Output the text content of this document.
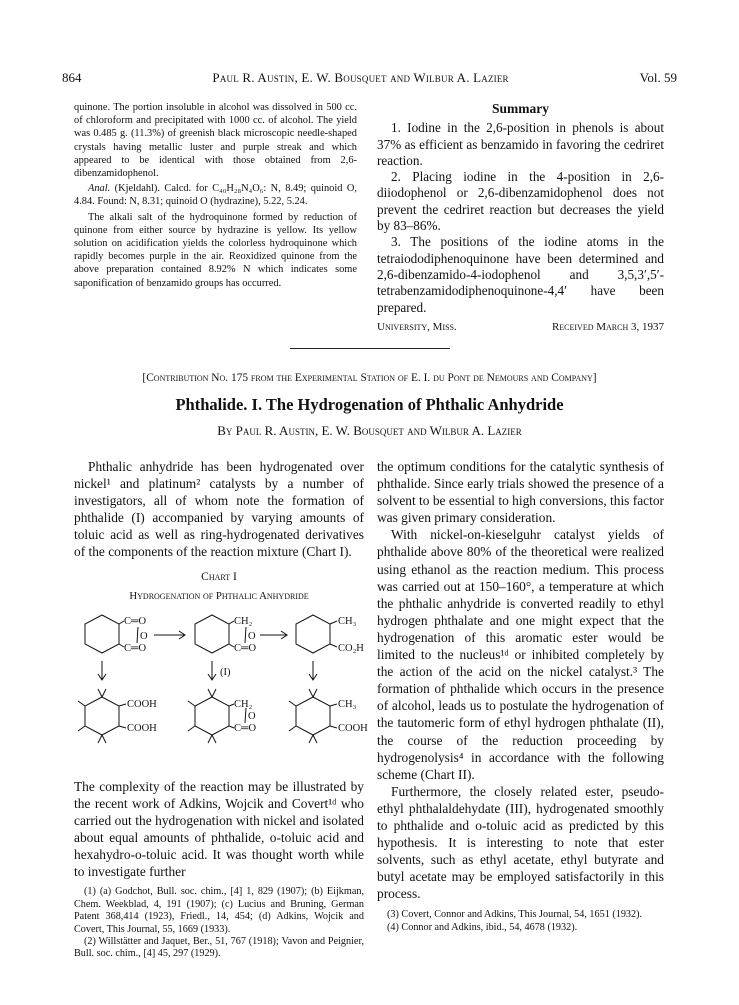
864	Paul R. Austin, E. W. Bousquet and Wilbur A. Lazier	Vol. 59

quinone. The portion insoluble in alcohol was dissolved in 500 cc. of chloroform and precipitated with 1000 cc. of alcohol. The yield was 0.485 g. (11.3%) of greenish black microscopic needle-shaped crystals having metallic luster and purple streak and which appeared to be identical with those obtained from 2,6-dibenzamidophenol.

Anal. (Kjeldahl). Calcd. for C₄₀H₂₈N₄O₆: N, 8.49; quinoid O, 4.84. Found: N, 8.31; quinoid O (hydrazine), 5.22, 5.24.

The alkali salt of the hydroquinone formed by reduction of quinone from either source by hydrazine is yellow. Its yellow solution on acidification yields the colorless hydroquinone which rapidly becomes purple in the air. Reoxidized quinone from the above preparation contained 8.92% N which indicates some saponification of benzamido groups has occurred.

Summary

1. Iodine in the 2,6-position in phenols is about 37% as efficient as benzamido in favoring the cedriret reaction.

2. Placing iodine in the 4-position in 2,6-diiodophenol or 2,6-dibenzamidophenol does not prevent the cedriret reaction but decreases the yield by 83–86%.

3. The positions of the iodine atoms in the tetraiododiphenoquinone have been determined and 2,6-dibenzamido-4-iodophenol and 3,5,3′,5′-tetrabenzamidodiphenoquinone-4,4′ have been prepared.

University, Miss.	Received March 3, 1937
[Contribution No. 175 from the Experimental Station of E. I. du Pont de Nemours and Company]
Phthalide. I. The Hydrogenation of Phthalic Anhydride
By Paul R. Austin, E. W. Bousquet and Wilbur A. Lazier

Phthalic anhydride has been hydrogenated over nickel¹ and platinum² catalysts by a number of investigators, all of whom note the formation of phthalide (I) accompanied by varying amounts of toluic acid as well as ring-hydrogenated derivatives of the components of the reaction mixture (Chart I).

Chart I
Hydrogenation of Phthalic Anhydride
C═O
O
C═O
CH₂
O
C═O
CH₃
CO₂H
(I)
COOH
COOH
CH₂
O
C═O
CH₃
COOH

The complexity of the reaction may be illustrated by the recent work of Adkins, Wojcik and Covert¹ᵈ who carried out the hydrogenation with nickel and isolated about equal amounts of phthalide, o-toluic acid and hexahydro-o-toluic acid. It was thought worth while to investigate further

(1) (a) Godchot, Bull. soc. chim., [4] 1, 829 (1907); (b) Eijkman, Chem. Weekblad, 4, 191 (1907); (c) Lucius and Bruning, German Patent 368,414 (1923), Friedl., 14, 454; (d) Adkins, Wojcik and Covert, This Journal, 55, 1669 (1933).

(2) Willstätter and Jaquet, Ber., 51, 767 (1918); Vavon and Peignier, Bull. soc. chim., [4] 45, 297 (1929).

the optimum conditions for the catalytic synthesis of phthalide. Since early trials showed the presence of a solvent to be essential to high conversions, this factor was given primary consideration.

With nickel-on-kieselguhr catalyst yields of phthalide above 80% of the theoretical were realized using ethanol as the reaction medium. This process was carried out at 150–160°, a temperature at which the phthalic anhydride is converted readily to ethyl hydrogen phthalate and one might expect that the hydrogenation of this aromatic ester would be limited to the nucleus¹ᵈ or inhibited completely by the action of the acid on the nickel catalyst.³ The formation of phthalide which occurs in the presence of alcohol, leads us to postulate the hydrogenation of the tautomeric form of ethyl hydrogen phthalate (II), the course of the reduction proceeding by hydrogenolysis⁴ in accordance with the following scheme (Chart II).

Furthermore, the closely related ester, pseudo-ethyl phthalaldehydate (III), hydrogenated smoothly to phthalide and o-toluic acid as predicted by this hypothesis. It is interesting to note that ester solvents, such as ethyl acetate, ethyl butyrate and butyl acetate may be employed satisfactorily in this process.

(3) Covert, Connor and Adkins, This Journal, 54, 1651 (1932).

(4) Connor and Adkins, ibid., 54, 4678 (1932).
